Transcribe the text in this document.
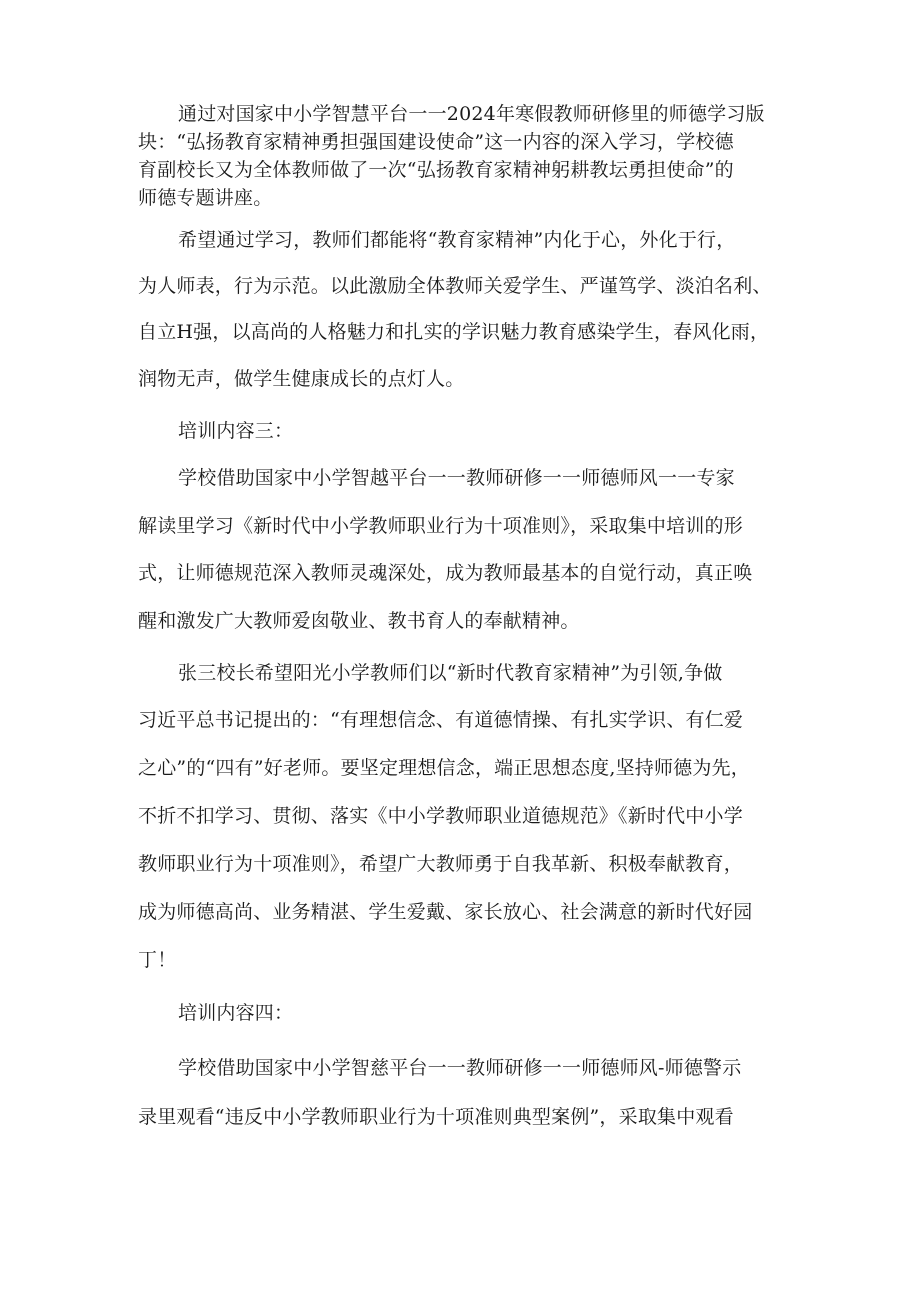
通过对国家中小学智慧平台一一2024年寒假教师研修里的师德学习版
块：“弘扬教育家精神勇担强国建设使命”这一内容的深入学习，学校德
育副校长又为全体教师做了一次“弘扬教育家精神躬耕教坛勇担使命”的
师德专题讲座。
希望通过学习，教师们都能将“教育家精神”内化于心，外化于行，
为人师表，行为示范。以此激励全体教师关爱学生、严谨笃学、淡泊名利、
自立H强，以高尚的人格魅力和扎实的学识魅力教育感染学生，春风化雨，
润物无声，做学生健康成长的点灯人。
培训内容三：
学校借助国家中小学智越平台一一教师研修一一师德师风一一专家
解读里学习《新时代中小学教师职业行为十项准则》，采取集中培训的形
式，让师德规范深入教师灵魂深处，成为教师最基本的自觉行动，真正唤
醒和激发广大教师爱囱敬业、教书育人的奉献精神。
张三校长希望阳光小学教师们以“新时代教育家精神”为引领,争做
习近平总书记提出的：“有理想信念、有道德情操、有扎实学识、有仁爱
之心”的“四有”好老师。要坚定理想信念，端正思想态度,坚持师德为先，
不折不扣学习、贯彻、落实《中小学教师职业道德规范》《新时代中小学
教师职业行为十项准则》，希望广大教师勇于自我革新、积极奉献教育，
成为师德高尚、业务精湛、学生爱戴、家长放心、社会满意的新时代好园
丁！
培训内容四：
学校借助国家中小学智慈平台一一教师研修一一师德师风-师德警示
录里观看“违反中小学教师职业行为十项准则典型案例”，采取集中观看
